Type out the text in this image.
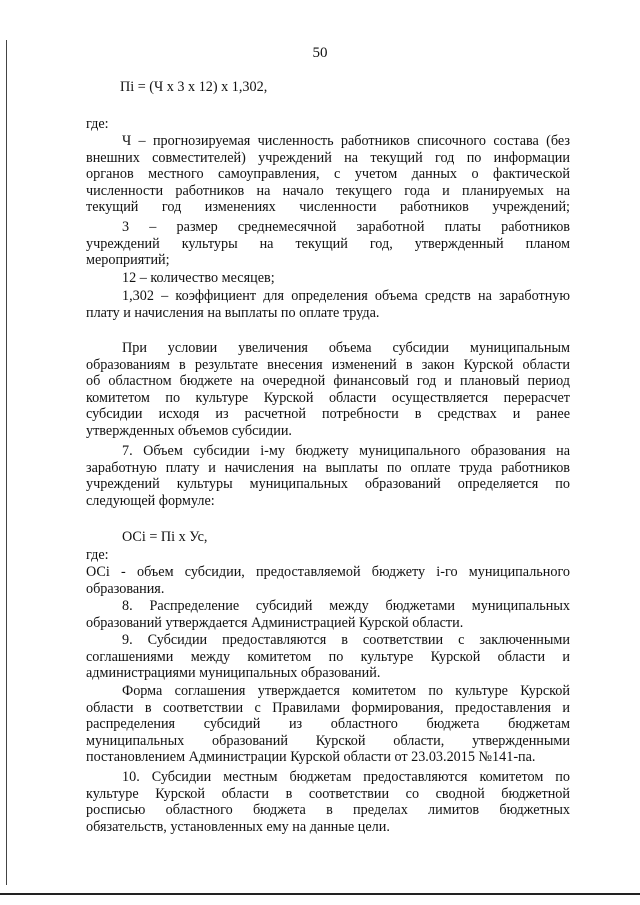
50
Пi = (Ч х 3 х 12) х 1,302,
где:
Ч – прогнозируемая численность работников списочного состава (без
внешних совместителей) учреждений на текущий год по информации
органов местного самоуправления, с учетом данных о фактической
численности работников на начало текущего года и планируемых на
текущий год изменениях численности работников учреждений;
3 – размер среднемесячной заработной платы работников
учреждений культуры на текущий год, утвержденный планом
мероприятий;
12 – количество месяцев;
1,302 – коэффициент для определения объема средств на заработную
плату и начисления на выплаты по оплате труда.
При условии увеличения объема субсидии муниципальным
образованиям в результате внесения изменений в закон Курской области
об областном бюджете на очередной финансовый год и плановый период
комитетом по культуре Курской области осуществляется перерасчет
субсидии исходя из расчетной потребности в средствах и ранее
утвержденных объемов субсидии.
7. Объем субсидии i-му бюджету муниципального образования на
заработную плату и начисления на выплаты по оплате труда работников
учреждений культуры муниципальных образований определяется по
следующей формуле:
ОСi = Пi х Ус,
где:
ОСi - объем субсидии, предоставляемой бюджету i-го муниципального
образования.
8. Распределение субсидий между бюджетами муниципальных
образований утверждается Администрацией Курской области.
9. Субсидии предоставляются в соответствии с заключенными
соглашениями между комитетом по культуре Курской области и
администрациями муниципальных образований.
Форма соглашения утверждается комитетом по культуре Курской
области в соответствии с Правилами формирования, предоставления и
распределения субсидий из областного бюджета бюджетам
муниципальных образований Курской области, утвержденными
постановлением Администрации Курской области от 23.03.2015 №141-па.
10. Субсидии местным бюджетам предоставляются комитетом по
культуре Курской области в соответствии со сводной бюджетной
росписью областного бюджета в пределах лимитов бюджетных
обязательств, установленных ему на данные цели.
